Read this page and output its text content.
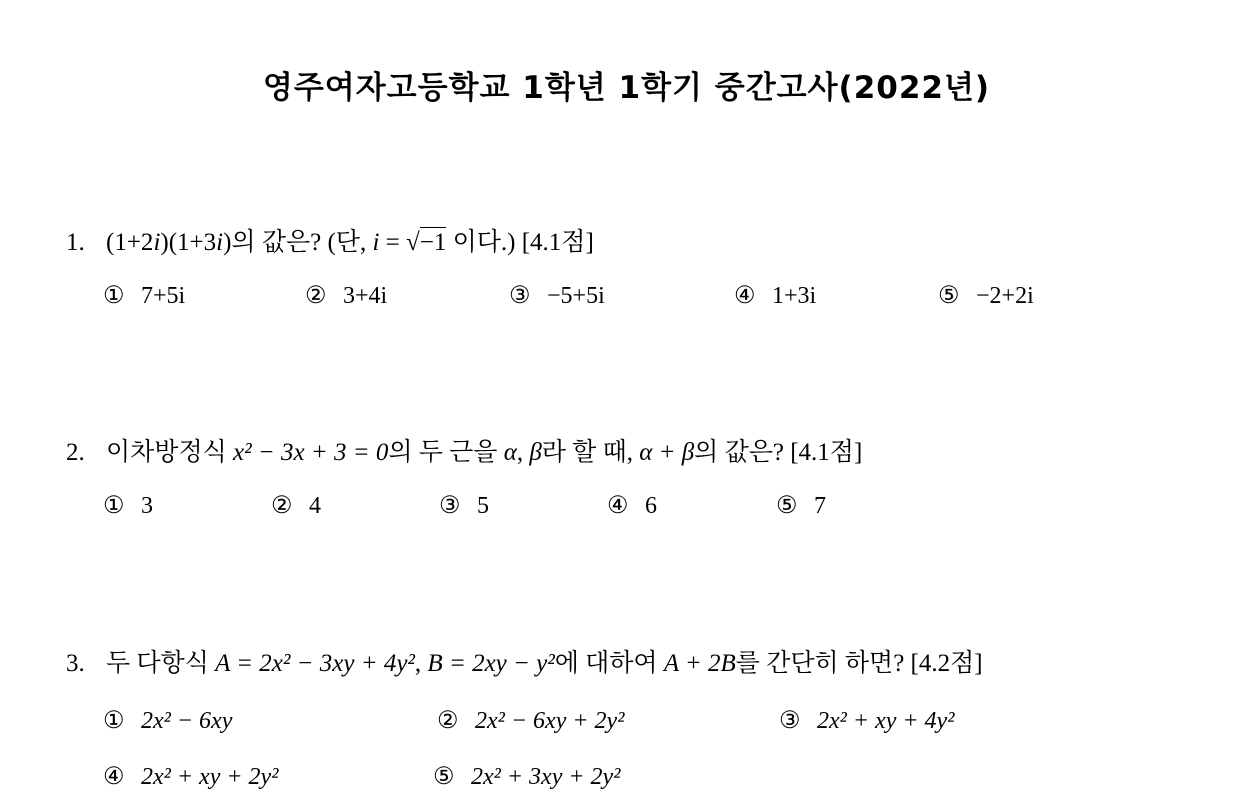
영주여자고등학교 1학년 1학기 중간고사(2022년)
1. (1+2i)(1+3i)의 값은? (단, i = √−1 이다.) [4.1점]
① 7+5i	② 3+4i	③ −5+5i	④ 1+3i	⑤ −2+2i
2. 이차방정식 x² − 3x + 3 = 0의 두 근을 α, β라 할 때, α + β의 값은? [4.1점]
① 3	② 4	③ 5	④ 6	⑤ 7
3. 두 다항식 A = 2x² − 3xy + 4y², B = 2xy − y²에 대하여 A + 2B를 간단히 하면? [4.2점]
① 2x² − 6xy	② 2x² − 6xy + 2y²	③ 2x² + xy + 4y²
④ 2x² + xy + 2y²	⑤ 2x² + 3xy + 2y²
